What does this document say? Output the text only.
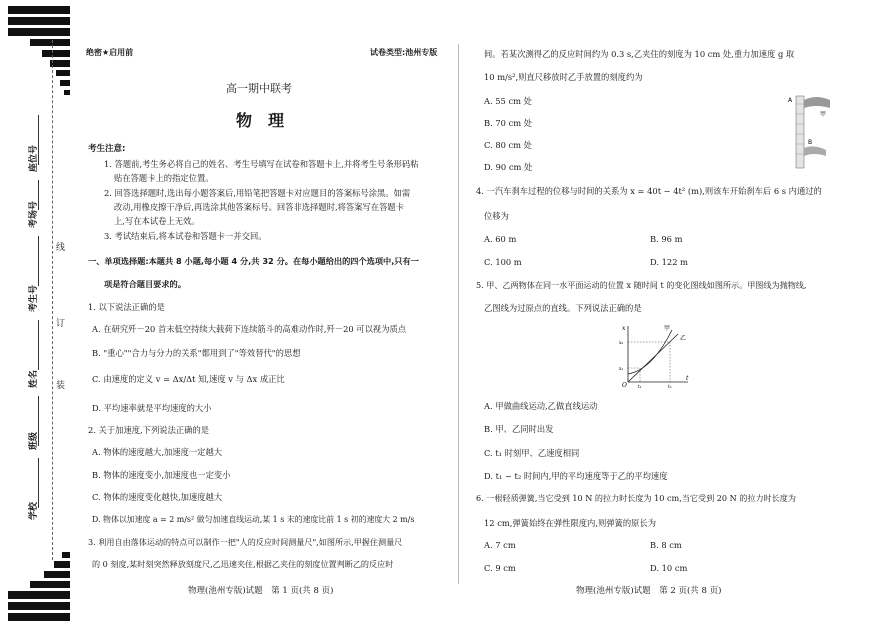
座位号
考场号
考生号
姓名
班级
学校
线
订
装
绝密★启用前	试卷类型:池州专版
高一期中联考
物　理
考生注意:
1. 答题前,考生务必将自己的姓名、考生号填写在试卷和答题卡上,并将考生号条形码粘
贴在答题卡上的指定位置。
2. 回答选择题时,选出每小题答案后,用铅笔把答题卡对应题目的答案标号涂黑。如需
改动,用橡皮擦干净后,再选涂其他答案标号。回答非选择题时,将答案写在答题卡
上,写在本试卷上无效。
3. 考试结束后,将本试卷和答题卡一并交回。
一、单项选择题:本题共 8 小题,每小题 4 分,共 32 分。在每小题给出的四个选项中,只有一
项是符合题目要求的。
1. 以下说法正确的是
A. 在研究歼－20 首末低空持续大载荷下连续筋斗的高难动作时,歼－20 可以视为质点
B. "重心""合力与分力的关系"都用到了"等效替代"的思想
C. 由速度的定义 v = Δx/Δt 知,速度 v 与 Δx 成正比
D. 平均速率就是平均速度的大小
2. 关于加速度,下列说法正确的是
A. 物体的速度越大,加速度一定越大
B. 物体的速度变小,加速度也一定变小
C. 物体的速度变化越快,加速度越大
D. 物体以加速度 a = 2 m/s² 做匀加速直线运动,某 1 s 末的速度比前 1 s 初的速度大 2 m/s
3. 利用自由落体运动的特点可以制作一把"人的反应时间测量尺",如图所示,甲握住测量尺
的 0 刻度,某时刻突然释放刻度尺,乙迅速夹住,根据乙夹住的刻度位置判断乙的反应时
物理(池州专版)试题　第 1 页(共 8 页)
间。若某次测得乙的反应时间约为 0.3 s,乙夹住的刻度为 10 cm 处,重力加速度 g 取
10 m/s²,则直尺移放时乙手放置的刻度约为
A. 55 cm 处
B. 70 cm 处
C. 80 cm 处
D. 90 cm 处
A
甲
B
4. 一汽车刹车过程的位移与时间的关系为 x = 40t − 4t² (m),则该车开始刹车后 6 s 内通过的
位移为
A. 60 m	B. 96 m
C. 100 m	D. 122 m
5. 甲、乙两物体在同一水平面运动的位置 x 随时间 t 的变化图线如图所示。甲图线为抛物线,
乙图线为过原点的直线。下列说法正确的是
x
t
O
甲
乙
x₂
x₁
t₁	t₂
A. 甲做曲线运动,乙做直线运动
B. 甲、乙同时出发
C. t₁ 时刻甲、乙速度相同
D. t₁ ~ t₂ 时间内,甲的平均速度等于乙的平均速度
6. 一根轻质弹簧,当它受到 10 N 的拉力时长度为 10 cm,当它受到 20 N 的拉力时长度为
12 cm,弹簧始终在弹性限度内,则弹簧的原长为
A. 7 cm	B. 8 cm
C. 9 cm	D. 10 cm
物理(池州专版)试题　第 2 页(共 8 页)
